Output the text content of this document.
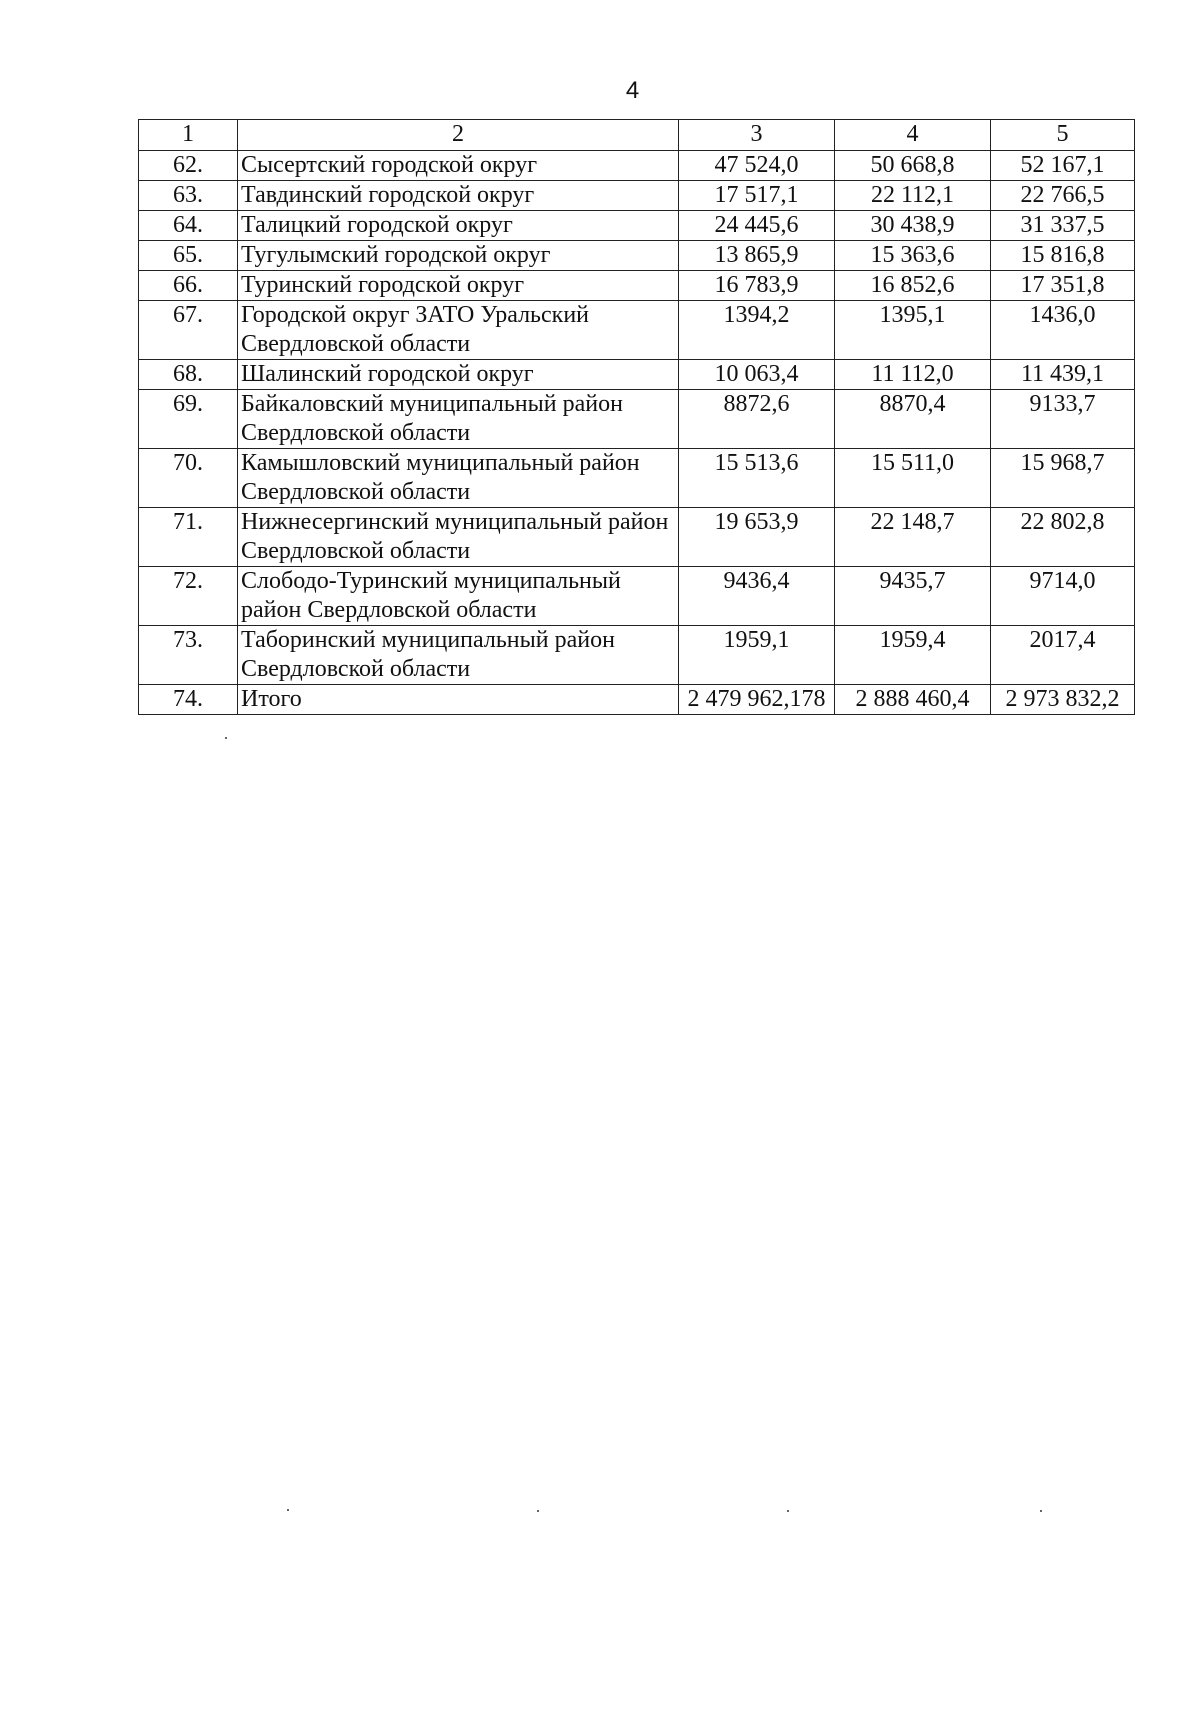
4
1	2	3	4	5
62.	Сысертский городской округ	47 524,0	50 668,8	52 167,1
63.	Тавдинский городской округ	17 517,1	22 112,1	22 766,5
64.	Талицкий городской округ	24 445,6	30 438,9	31 337,5
65.	Тугулымский городской округ	13 865,9	15 363,6	15 816,8
66.	Туринский городской округ	16 783,9	16 852,6	17 351,8
67.	Городской округ ЗАТО Уральский Свердловской области	1394,2	1395,1	1436,0
68.	Шалинский городской округ	10 063,4	11 112,0	11 439,1
69.	Байкаловский муниципальный район Свердловской области	8872,6	8870,4	9133,7
70.	Камышловский муниципальный район Свердловской области	15 513,6	15 511,0	15 968,7
71.	Нижнесергинский муниципальный район Свердловской области	19 653,9	22 148,7	22 802,8
72.	Слободо-Туринский муниципальный район Свердловской области	9436,4	9435,7	9714,0
73.	Таборинский муниципальный район Свердловской области	1959,1	1959,4	2017,4
74.	Итого	2 479 962,178	2 888 460,4	2 973 832,2
